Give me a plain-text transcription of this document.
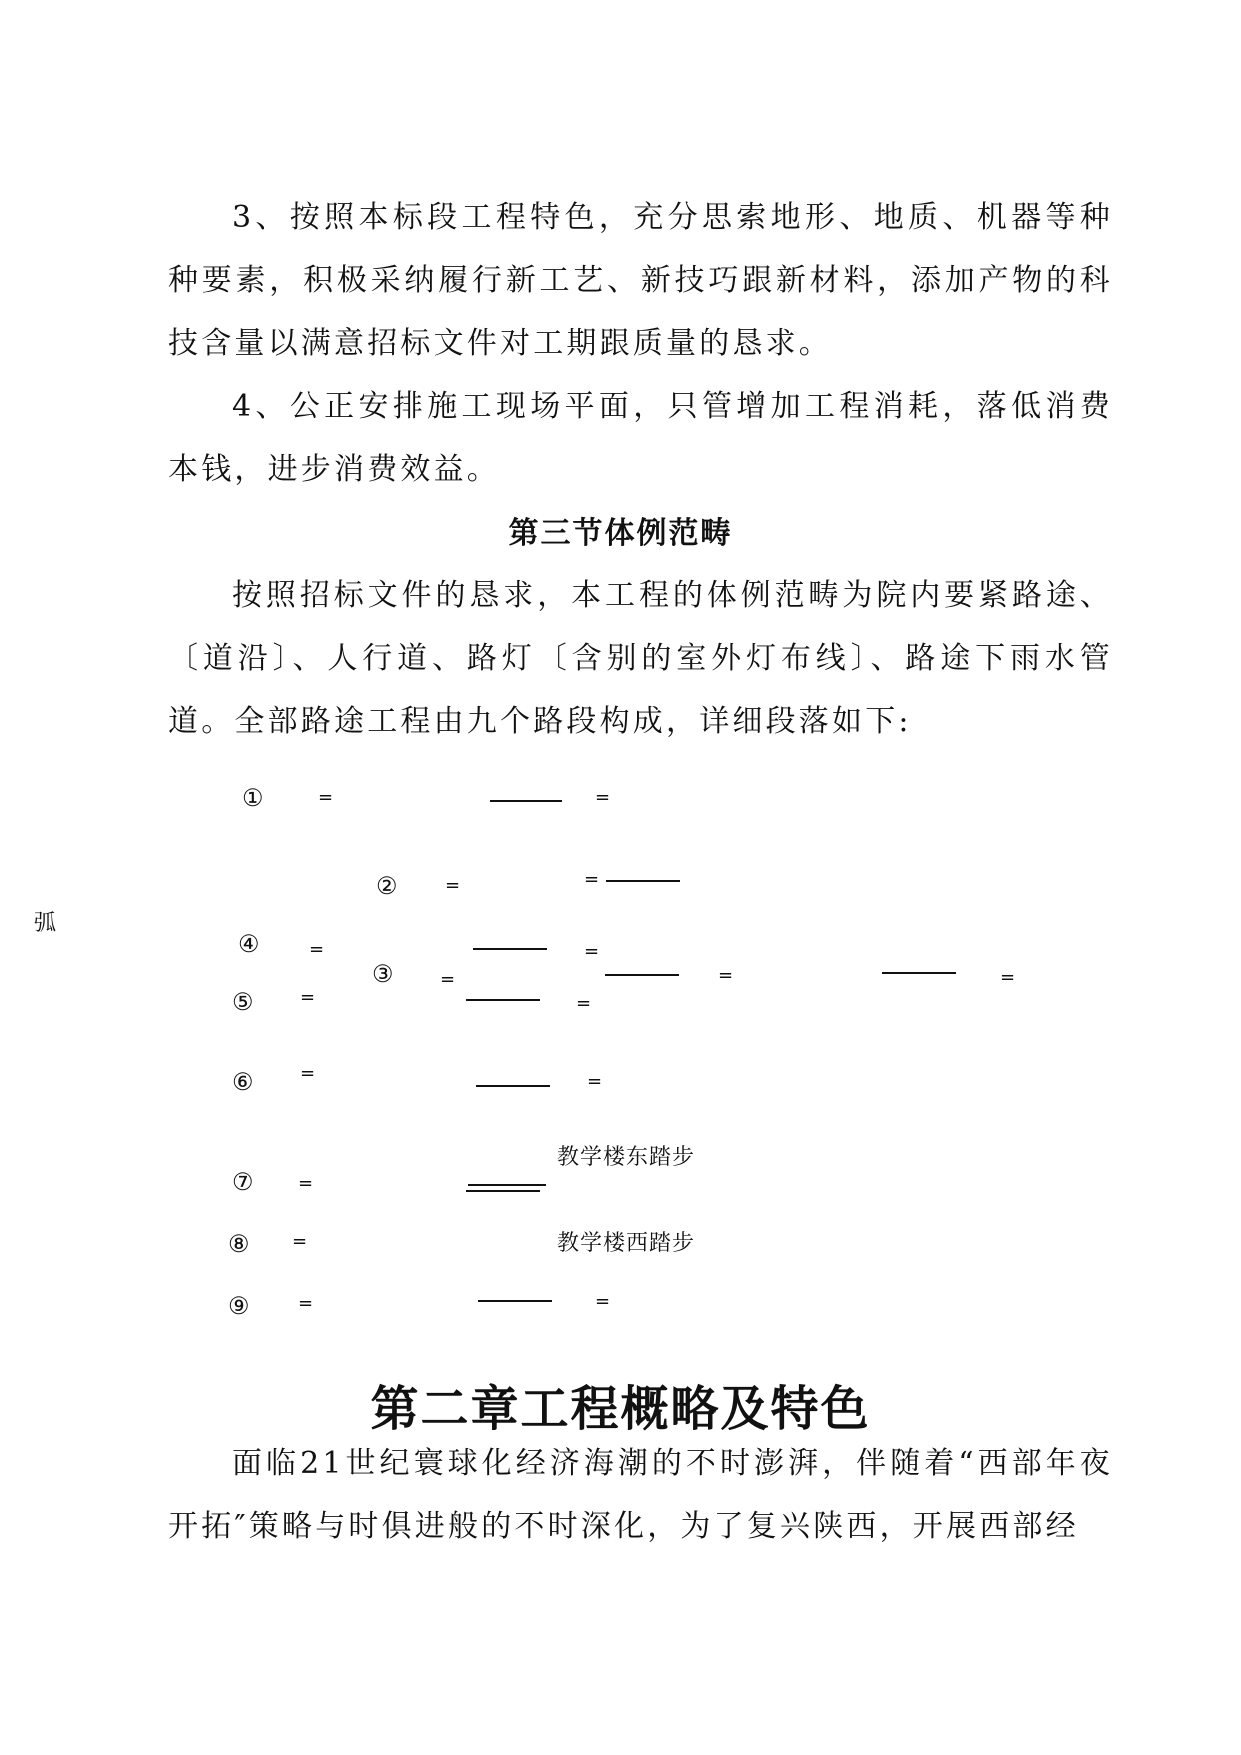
3、按照本标段工程特色，充分思索地形、地质、机器等种种要素，积极采纳履行新工艺、新技巧跟新材料，添加产物的科技含量以满意招标文件对工期跟质量的恳求。

4、公正安排施工现场平面，只管增加工程消耗，落低消费本钱，进步消费效益。

第三节体例范畴

按照招标文件的恳求，本工程的体例范畴为院内要紧路途、〔道沿〕、人行道、路灯〔含别的室外灯布线〕、路途下雨水管道。全部路途工程由九个路段构成，详细段落如下:

弧
①	=	=
②	=	=
④	=	=
③	=	=	=
⑤	=	=
⑥	=	=
教学楼东踏步
⑦ =
教学楼西踏步
⑧ =
⑨	=	=
第二章工程概略及特色

面临21世纪寰球化经济海潮的不时澎湃，伴随着“西部年夜开拓″策略与时俱进般的不时深化，为了复兴陕西，开展西部经
